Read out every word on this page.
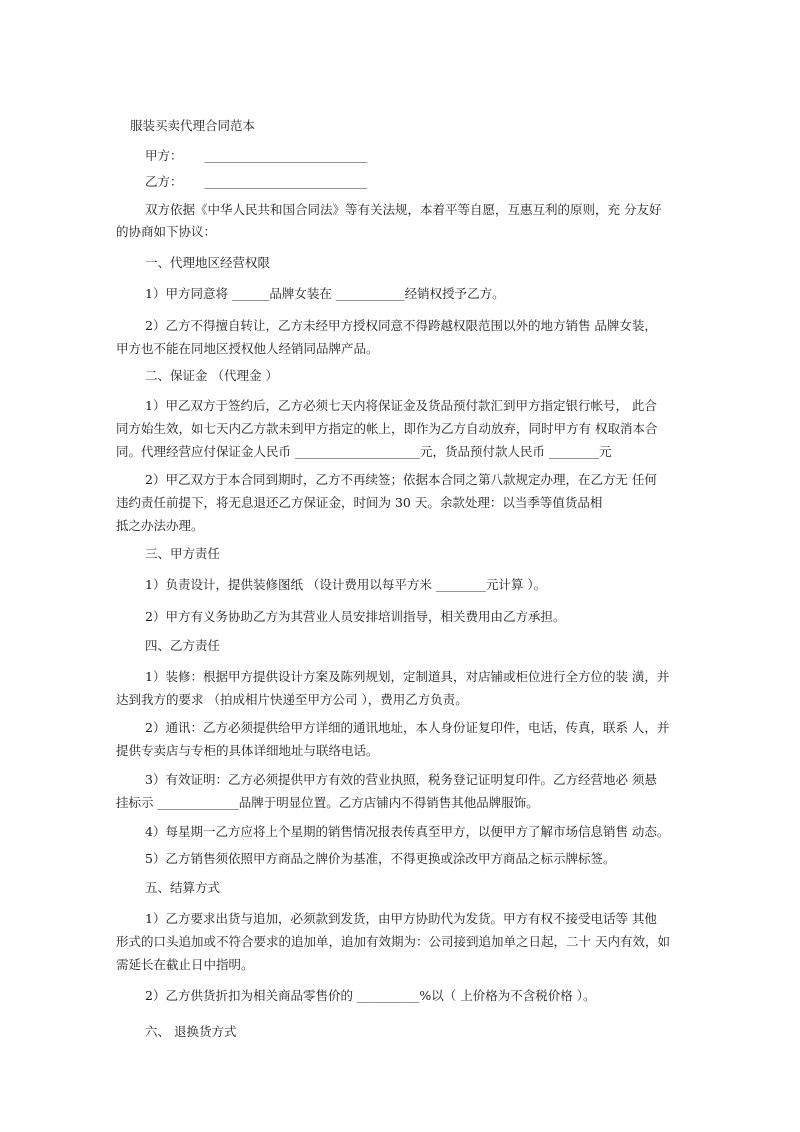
服装买卖代理合同范本
甲方： __________________________
乙方： __________________________
双方依据《中华人民共和国合同法》等有关法规，本着平等自愿，互惠互利的原则，充 分友好
的协商如下协议：
一、代理地区经营权限
1）甲方同意将 ______品牌女装在 ___________经销权授予乙方。
2）乙方不得擅自转让，乙方未经甲方授权同意不得跨越权限范围以外的地方销售 品牌女装，
甲方也不能在同地区授权他人经销同品牌产品。
二、保证金 （代理金 ）
1）甲乙双方于签约后，乙方必须七天内将保证金及货品预付款汇到甲方指定银行帐号， 此合
同方始生效，如七天内乙方款未到甲方指定的帐上，即作为乙方自动放弃，同时甲方有 权取消本合
同。代理经营应付保证金人民币 ____________________元，货品预付款人民币 ________元
2）甲乙双方于本合同到期时，乙方不再续签；依据本合同之第八款规定办理，在乙方无 任何
违约责任前提下，将无息退还乙方保证金，时间为 30 天。余款处理：以当季等值货品相
抵之办法办理。
三、甲方责任
1）负责设计，提供装修图纸 （设计费用以每平方米 ________元计算 ）。
2）甲方有义务协助乙方为其营业人员安排培训指导，相关费用由乙方承担。
四、乙方责任
1）装修：根据甲方提供设计方案及陈列规划，定制道具，对店铺或柜位进行全方位的装 潢，并
达到我方的要求 （拍成相片快递至甲方公司 ），费用乙方负责。
2）通讯：乙方必须提供给甲方详细的通讯地址，本人身份证复印件，电话，传真，联系 人，并
提供专卖店与专柜的具体详细地址与联络电话。
3）有效证明：乙方必须提供甲方有效的营业执照，税务登记证明复印件。乙方经营地必 须悬
挂标示 _____________品牌于明显位置。乙方店铺内不得销售其他品牌服饰。
4）每星期一乙方应将上个星期的销售情况报表传真至甲方，以便甲方了解市场信息销售 动态。
5）乙方销售须依照甲方商品之牌价为基准，不得更换或涂改甲方商品之标示牌标签。
五、结算方式
1）乙方要求出货与追加，必须款到发货，由甲方协助代为发货。甲方有权不接受电话等 其他
形式的口头追加或不符合要求的追加单，追加有效期为：公司接到追加单之日起，二十 天内有效，如
需延长在截止日中指明。
2）乙方供货折扣为相关商品零售价的 __________%以（ 上价格为不含税价格 ）。
六、 退换货方式
